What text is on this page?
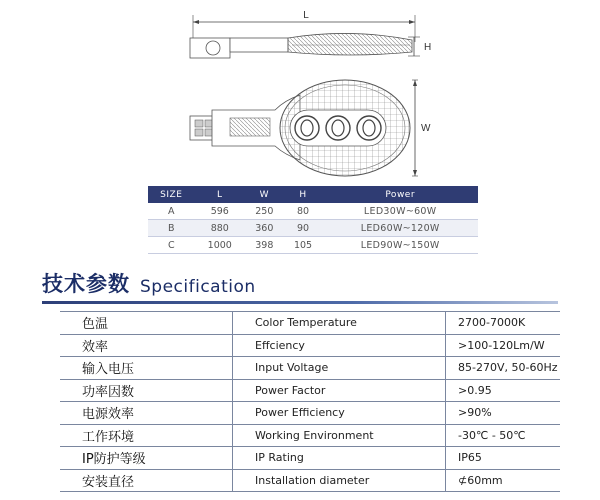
L
H
W
SIZE	L	W	H	Power
A	596	250	80	LED30W~60W
B	880	360	90	LED60W~120W
C	1000	398	105	LED90W~150W
技术参数 Specification
色温	Color Temperature	2700-7000K
效率	Effciency	>100-120Lm/W
输入电压	Input Voltage	85-270V, 50-60Hz
功率因数	Power Factor	>0.95
电源效率	Power Efficiency	>90%
工作环境	Working Environment	-30℃ - 50℃
IP防护等级	IP Rating	IP65
安装直径	Installation diameter	⊄60mm
